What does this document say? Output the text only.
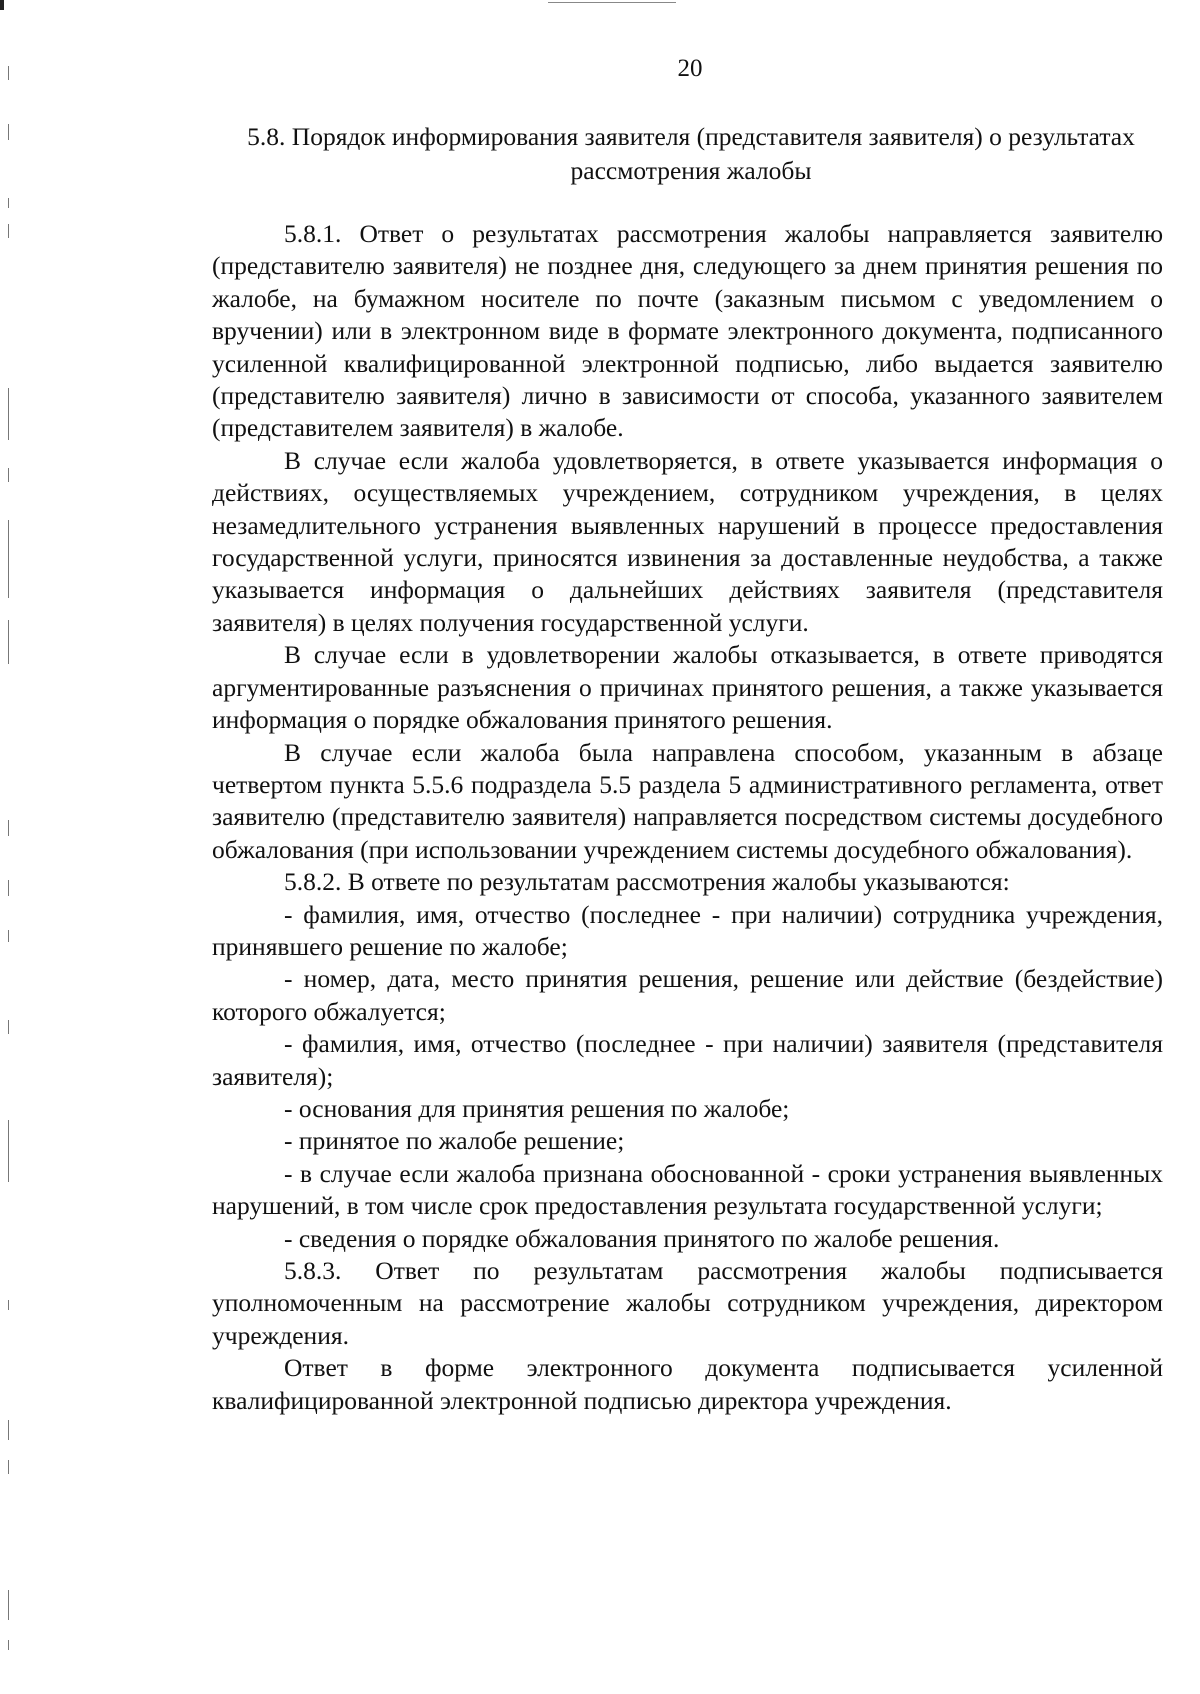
20
5.8. Порядок информирования заявителя (представителя заявителя) о результатах рассмотрения жалобы

5.8.1. Ответ о результатах рассмотрения жалобы направляется заявителю (представителю заявителя) не позднее дня, следующего за днем принятия решения по жалобе, на бумажном носителе по почте (заказным письмом с уведомлением о вручении) или в электронном виде в формате электронного документа, подписанного усиленной квалифицированной электронной подписью, либо выдается заявителю (представителю заявителя) лично в зависимости от способа, указанного заявителем (представителем заявителя) в жалобе.

В случае если жалоба удовлетворяется, в ответе указывается информация о действиях, осуществляемых учреждением, сотрудником учреждения, в целях незамедлительного устранения выявленных нарушений в процессе предоставления государственной услуги, приносятся извинения за доставленные неудобства, а также указывается информация о дальнейших действиях заявителя (представителя заявителя) в целях получения государственной услуги.

В случае если в удовлетворении жалобы отказывается, в ответе приводятся аргументированные разъяснения о причинах принятого решения, а также указывается информация о порядке обжалования принятого решения.

В случае если жалоба была направлена способом, указанным в абзаце четвертом пункта 5.5.6 подраздела 5.5 раздела 5 административного регламента, ответ заявителю (представителю заявителя) направляется посредством системы досудебного обжалования (при использовании учреждением системы досудебного обжалования).

5.8.2. В ответе по результатам рассмотрения жалобы указываются:

- фамилия, имя, отчество (последнее - при наличии) сотрудника учреждения, принявшего решение по жалобе;

- номер, дата, место принятия решения, решение или действие (бездействие) которого обжалуется;

- фамилия, имя, отчество (последнее - при наличии) заявителя (представителя заявителя);

- основания для принятия решения по жалобе;

- принятое по жалобе решение;

- в случае если жалоба признана обоснованной - сроки устранения выявленных нарушений, в том числе срок предоставления результата государственной услуги;

- сведения о порядке обжалования принятого по жалобе решения.

5.8.3. Ответ по результатам рассмотрения жалобы подписывается уполномоченным на рассмотрение жалобы сотрудником учреждения, директором учреждения.

Ответ в форме электронного документа подписывается усиленной квалифицированной электронной подписью директора учреждения.
